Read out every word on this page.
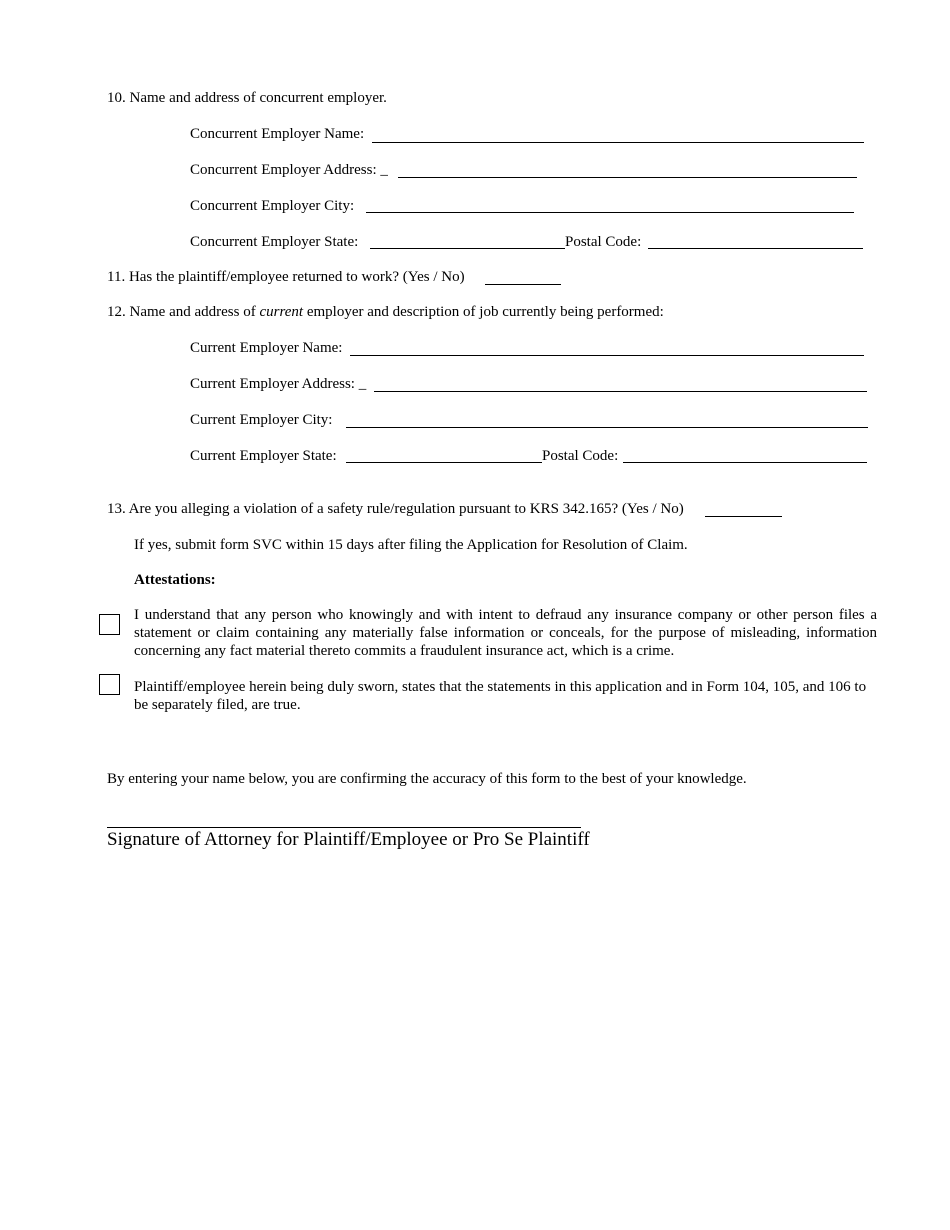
10. Name and address of concurrent employer.
Concurrent Employer Name:
Concurrent Employer Address: _
Concurrent Employer City:
Concurrent Employer State:	Postal Code:
11. Has the plaintiff/employee returned to work? (Yes / No)
12. Name and address of current employer and description of job currently being performed:
Current Employer Name:
Current Employer Address: _
Current Employer City:
Current Employer State:	Postal Code:
13. Are you alleging a violation of a safety rule/regulation pursuant to KRS 342.165? (Yes / No)
If yes, submit form SVC within 15 days after filing the Application for Resolution of Claim.
Attestations:
I understand that any person who knowingly and with intent to defraud any insurance company or other person files a statement or claim containing any materially false information or conceals, for the purpose of misleading, information concerning any fact material thereto commits a fraudulent insurance act, which is a crime.
Plaintiff/employee herein being duly sworn, states that the statements in this application and in Form 104, 105, and 106 to be separately filed, are true.
By entering your name below, you are confirming the accuracy of this form to the best of your knowledge.
Signature of Attorney for Plaintiff/Employee or Pro Se Plaintiff
